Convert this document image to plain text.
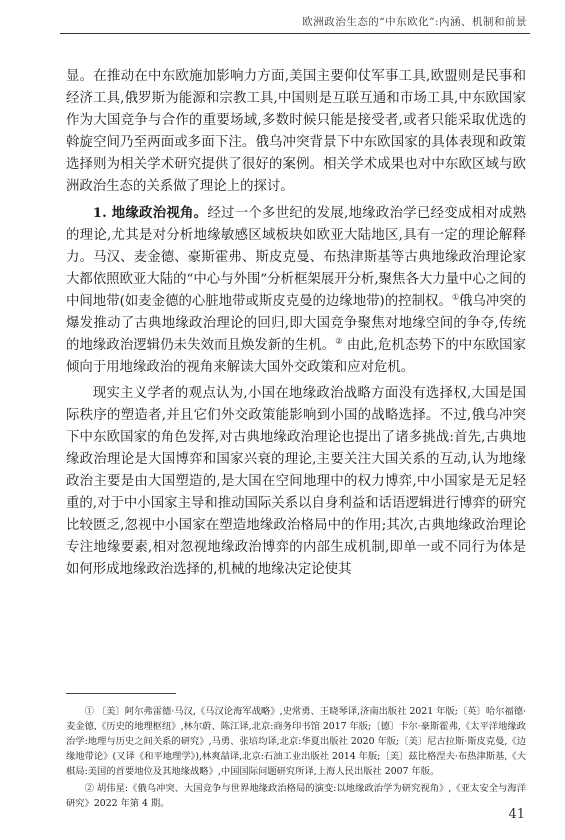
欧洲政治生态的“中东欧化”:内涵、机制和前景

显。在推动在中东欧施加影响力方面,美国主要仰仗军事工具,欧盟则是民事和经济工具,俄罗斯为能源和宗教工具,中国则是互联互通和市场工具,中东欧国家作为大国竞争与合作的重要场域,多数时候只能是接受者,或者只能采取优选的斡旋空间乃至两面或多面下注。俄乌冲突背景下中东欧国家的具体表现和政策选择则为相关学术研究提供了很好的案例。相关学术成果也对中东欧区域与欧洲政治生态的关系做了理论上的探讨。

1. 地缘政治视角。经过一个多世纪的发展,地缘政治学已经变成相对成熟的理论,尤其是对分析地缘敏感区域板块如欧亚大陆地区,具有一定的理论解释力。马汉、麦金德、豪斯霍弗、斯皮克曼、布热津斯基等古典地缘政治理论家大都依照欧亚大陆的“中心与外围”分析框架展开分析,聚焦各大力量中心之间的中间地带(如麦金德的心脏地带或斯皮克曼的边缘地带)的控制权。①俄乌冲突的爆发推动了古典地缘政治理论的回归,即大国竞争聚焦对地缘空间的争夺,传统的地缘政治逻辑仍未失效而且焕发新的生机。② 由此,危机态势下的中东欧国家倾向于用地缘政治的视角来解读大国外交政策和应对危机。

现实主义学者的观点认为,小国在地缘政治战略方面没有选择权,大国是国际秩序的塑造者,并且它们外交政策能影响到小国的战略选择。不过,俄乌冲突下中东欧国家的角色发挥,对古典地缘政治理论也提出了诸多挑战:首先,古典地缘政治理论是大国博弈和国家兴衰的理论,主要关注大国关系的互动,认为地缘政治主要是由大国塑造的,是大国在空间地理中的权力博弈,中小国家是无足轻重的,对于中小国家主导和推动国际关系以自身利益和话语逻辑进行博弈的研究比较匮乏,忽视中小国家在塑造地缘政治格局中的作用;其次,古典地缘政治理论专注地缘要素,相对忽视地缘政治博弈的内部生成机制,即单一或不同行为体是如何形成地缘政治选择的,机械的地缘决定论使其

① 〔美〕阿尔弗雷德·马汉,《马汉论海军战略》,史常勇、王晓琴译,济南出版社 2021 年版;〔英〕哈尔福德·麦金德,《历史的地理枢纽》,林尔蔚、陈江译,北京:商务印书馆 2017 年版;〔德〕卡尔·豪斯霍弗,《太平洋地缘政治学:地理与历史之间关系的研究》,马勇、张培均译,北京:华夏出版社 2020 年版;〔美〕尼古拉斯·斯皮克曼,《边缘地带论》(又译《和平地理学》),林爽喆译,北京:石油工业出版社 2014 年版;〔美〕兹比格涅夫·布热津斯基,《大棋局:美国的首要地位及其地缘战略》,中国国际问题研究所译,上海人民出版社 2007 年版。

② 胡伟星:《俄乌冲突、大国竞争与世界地缘政治格局的演变:以地缘政治学为研究视角》,《亚太安全与海洋研究》2022 年第 4 期。

41
